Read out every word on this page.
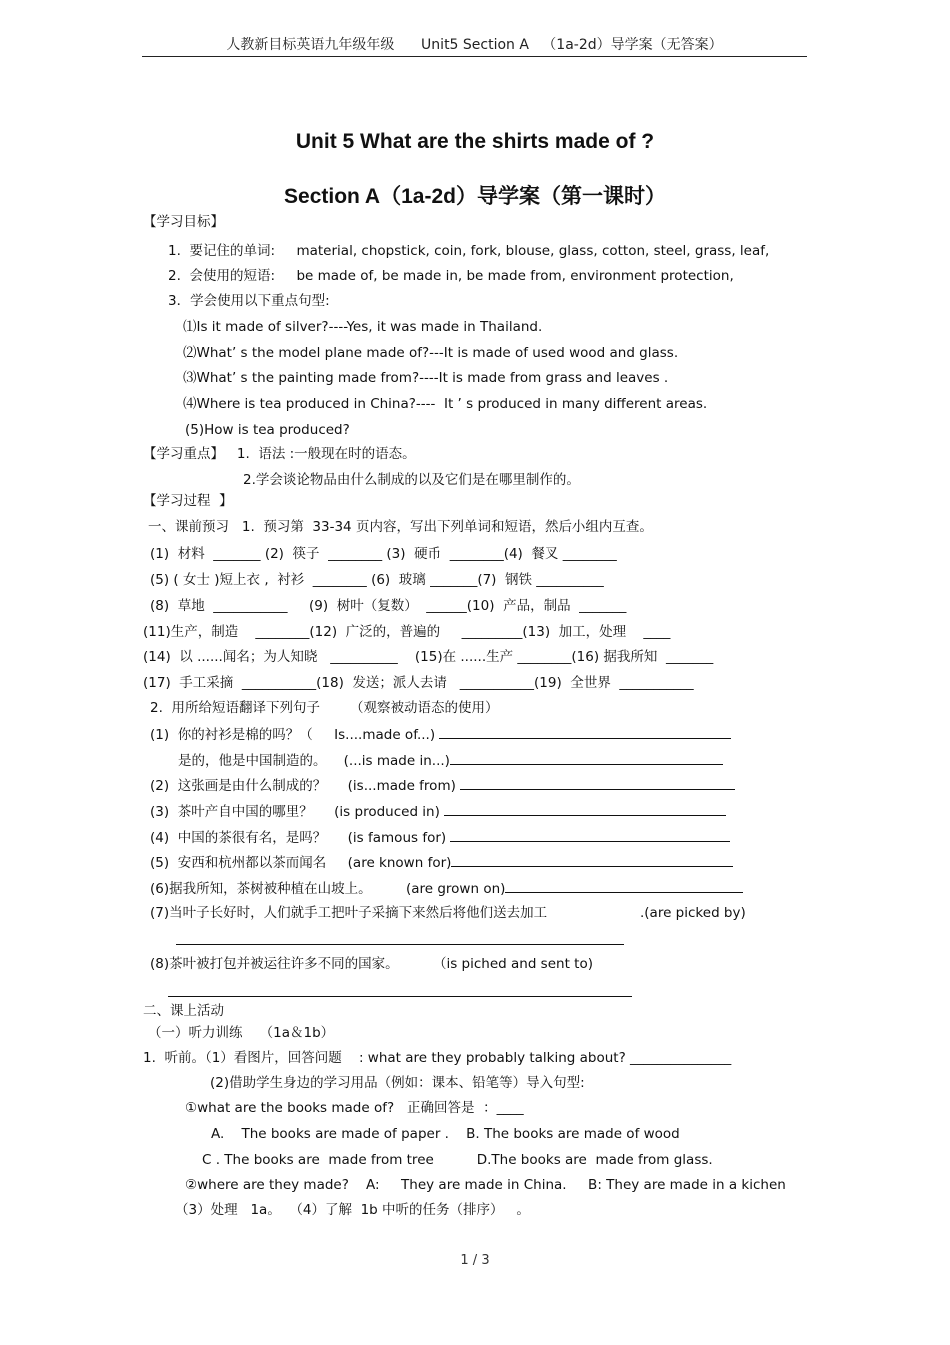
人教新目标英语九年级年级      Unit5 Section A   （1a-2d）导学案（无答案）
Unit 5 What are the shirts made of ?
Section A（1a-2d）导学案（第一课时）
【学习目标】
1.  要记住的单词:     material, chopstick, coin, fork, blouse, glass, cotton, steel, grass, leaf,
2.  会使用的短语:     be made of, be made in, be made from, environment protection,
3．学会使用以下重点句型:
⑴Is it made of silver?----Yes, it was made in Thailand.
⑵What’ s the model plane made of?---It is made of used wood and glass.
⑶What’ s the painting made from?----It is made from grass and leaves .
⑷Where is tea produced in China?----  It ’ s produced in many different areas.
(5)How is tea produced?
【学习重点】   1.  语法 :一般现在时的语态。
2.学会谈论物品由什么制成的以及它们是在哪里制作的。
【学习过程  】
一、课前预习   1.  预习第  33-34 页内容，写出下列单词和短语，然后小组内互查。
(1)  材料  _______ (2)  筷子  ________ (3)  硬币  ________(4)  餐叉 ________
(5) ( 女士 )短上衣 ,  衬衫  ________ (6)  玻璃 _______(7)  钢铁 __________
(8)  草地  ___________     (9)  树叶（复数）  ______(10)  产品，制品  _______
(11)生产，制造    ________(12)  广泛的，普遍的     _________(13)  加工，处理    ____
(14)  以 ......闻名；为人知晓   __________    (15)在 ......生产 ________(16) 据我所知  _______
(17)  手工采摘  ___________(18)  发送；派人去请   ___________(19)  全世界  ___________
2.  用所给短语翻译下列句子       （观察被动语态的使用）
(1)  你的衬衫是棉的吗？（     Is....made of...)
是的，他是中国制造的。    (...is made in...)
(2)  这张画是由什么制成的？     (is...made from)
(3)  茶叶产自中国的哪里？     (is produced in)
(4)  中国的茶很有名，是吗？     (is famous for)
(5)  安西和杭州都以茶而闻名     (are known for)
(6)据我所知，茶树被种植在山坡上。        (are grown on)
(7)当叶子长好时，人们就手工把叶子采摘下来然后将他们送去加工	.(are picked by)
(8)茶叶被打包并被运往许多不同的国家。        （is piched and sent to)
二、课上活动
（一）听力训练    （1a＆1b）
1.  听前。（1）看图片，回答问题    : what are they probably talking about? _______________
(2)借助学生身边的学习用品（例如：课本、铅笔等）导入句型:
①what are the books made of?   正确回答是  ：____
A.    The books are made of paper .    B. The books are made of wood
C . The books are  made from tree          D.The books are  made from glass.
②where are they made?    A:     They are made in China.     B: They are made in a kichen
（3）处理   1a。  （4）了解  1b 中听的任务（排序）   。
1 / 3
